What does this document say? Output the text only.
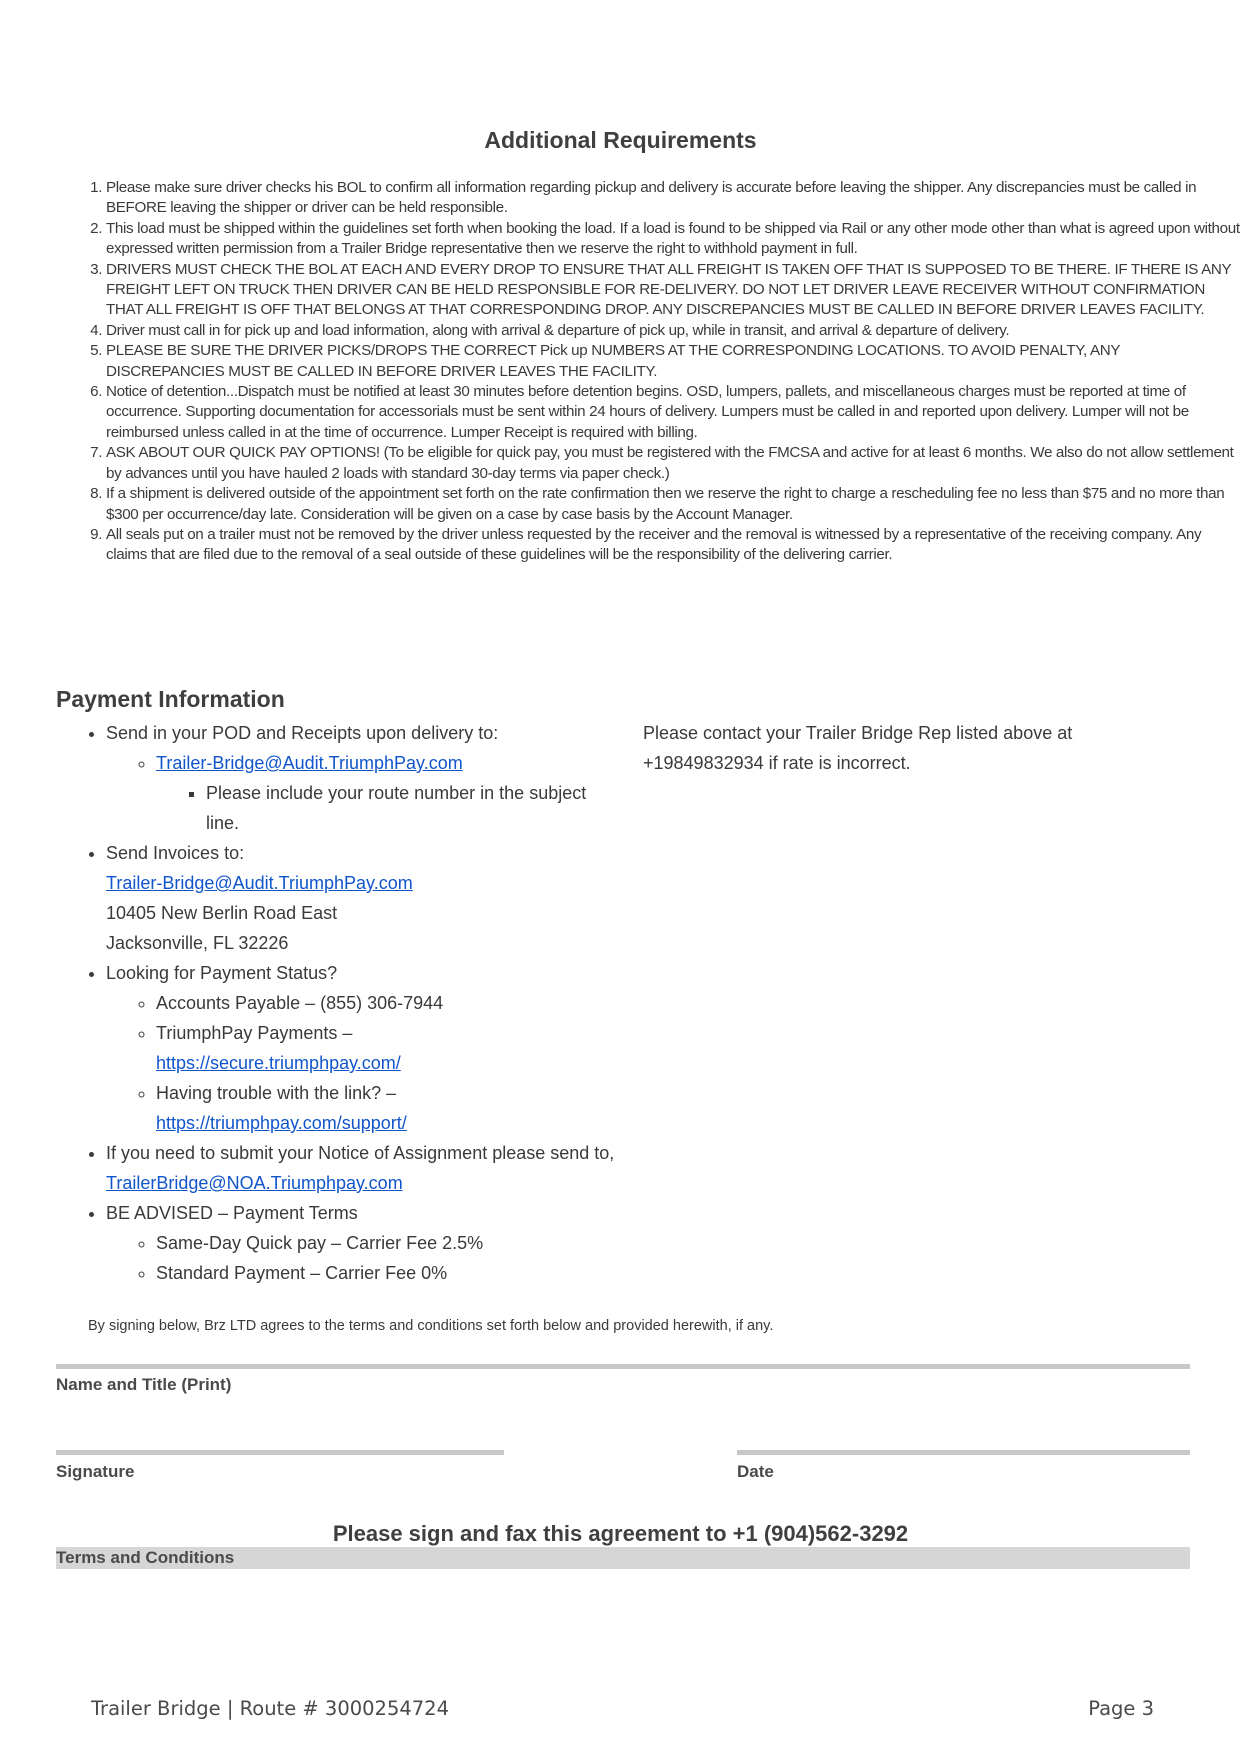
Additional Requirements
1. Please make sure driver checks his BOL to confirm all information regarding pickup and delivery is accurate before leaving the shipper. Any discrepancies must be called in BEFORE leaving the shipper or driver can be held responsible.
2. This load must be shipped within the guidelines set forth when booking the load. If a load is found to be shipped via Rail or any other mode other than what is agreed upon without expressed written permission from a Trailer Bridge representative then we reserve the right to withhold payment in full.
3. DRIVERS MUST CHECK THE BOL AT EACH AND EVERY DROP TO ENSURE THAT ALL FREIGHT IS TAKEN OFF THAT IS SUPPOSED TO BE THERE. IF THERE IS ANY FREIGHT LEFT ON TRUCK THEN DRIVER CAN BE HELD RESPONSIBLE FOR RE-DELIVERY. DO NOT LET DRIVER LEAVE RECEIVER WITHOUT CONFIRMATION THAT ALL FREIGHT IS OFF THAT BELONGS AT THAT CORRESPONDING DROP. ANY DISCREPANCIES MUST BE CALLED IN BEFORE DRIVER LEAVES FACILITY.
4. Driver must call in for pick up and load information, along with arrival & departure of pick up, while in transit, and arrival & departure of delivery.
5. PLEASE BE SURE THE DRIVER PICKS/DROPS THE CORRECT Pick up NUMBERS AT THE CORRESPONDING LOCATIONS. TO AVOID PENALTY, ANY DISCREPANCIES MUST BE CALLED IN BEFORE DRIVER LEAVES THE FACILITY.
6. Notice of detention...Dispatch must be notified at least 30 minutes before detention begins. OSD, lumpers, pallets, and miscellaneous charges must be reported at time of occurrence. Supporting documentation for accessorials must be sent within 24 hours of delivery. Lumpers must be called in and reported upon delivery. Lumper will not be reimbursed unless called in at the time of occurrence. Lumper Receipt is required with billing.
7. ASK ABOUT OUR QUICK PAY OPTIONS! (To be eligible for quick pay, you must be registered with the FMCSA and active for at least 6 months. We also do not allow settlement by advances until you have hauled 2 loads with standard 30-day terms via paper check.)
8. If a shipment is delivered outside of the appointment set forth on the rate confirmation then we reserve the right to charge a rescheduling fee no less than $75 and no more than $300 per occurrence/day late. Consideration will be given on a case by case basis by the Account Manager.
9. All seals put on a trailer must not be removed by the driver unless requested by the receiver and the removal is witnessed by a representative of the receiving company. Any claims that are filed due to the removal of a seal outside of these guidelines will be the responsibility of the delivering carrier.
Payment Information
• Send in your POD and Receipts upon delivery to:
◦ Trailer-Bridge@Audit.TriumphPay.com
▪ Please include your route number in the subject line.
• Send Invoices to:
Trailer-Bridge@Audit.TriumphPay.com
10405 New Berlin Road East
Jacksonville, FL 32226
• Looking for Payment Status?
◦ Accounts Payable – (855) 306-7944
◦ TriumphPay Payments –
https://secure.triumphpay.com/
◦ Having trouble with the link? –
https://triumphpay.com/support/
• If you need to submit your Notice of Assignment please send to, TrailerBridge@NOA.Triumphpay.com
• BE ADVISED – Payment Terms
◦ Same-Day Quick pay – Carrier Fee 2.5%
◦ Standard Payment – Carrier Fee 0%
Please contact your Trailer Bridge Rep listed above at
+19849832934 if rate is incorrect.
By signing below, Brz LTD agrees to the terms and conditions set forth below and provided herewith, if any.
Name and Title (Print)
Signature	Date
Please sign and fax this agreement to +1 (904)562-3292
Terms and Conditions
Trailer Bridge | Route # 3000254724	Page 3
